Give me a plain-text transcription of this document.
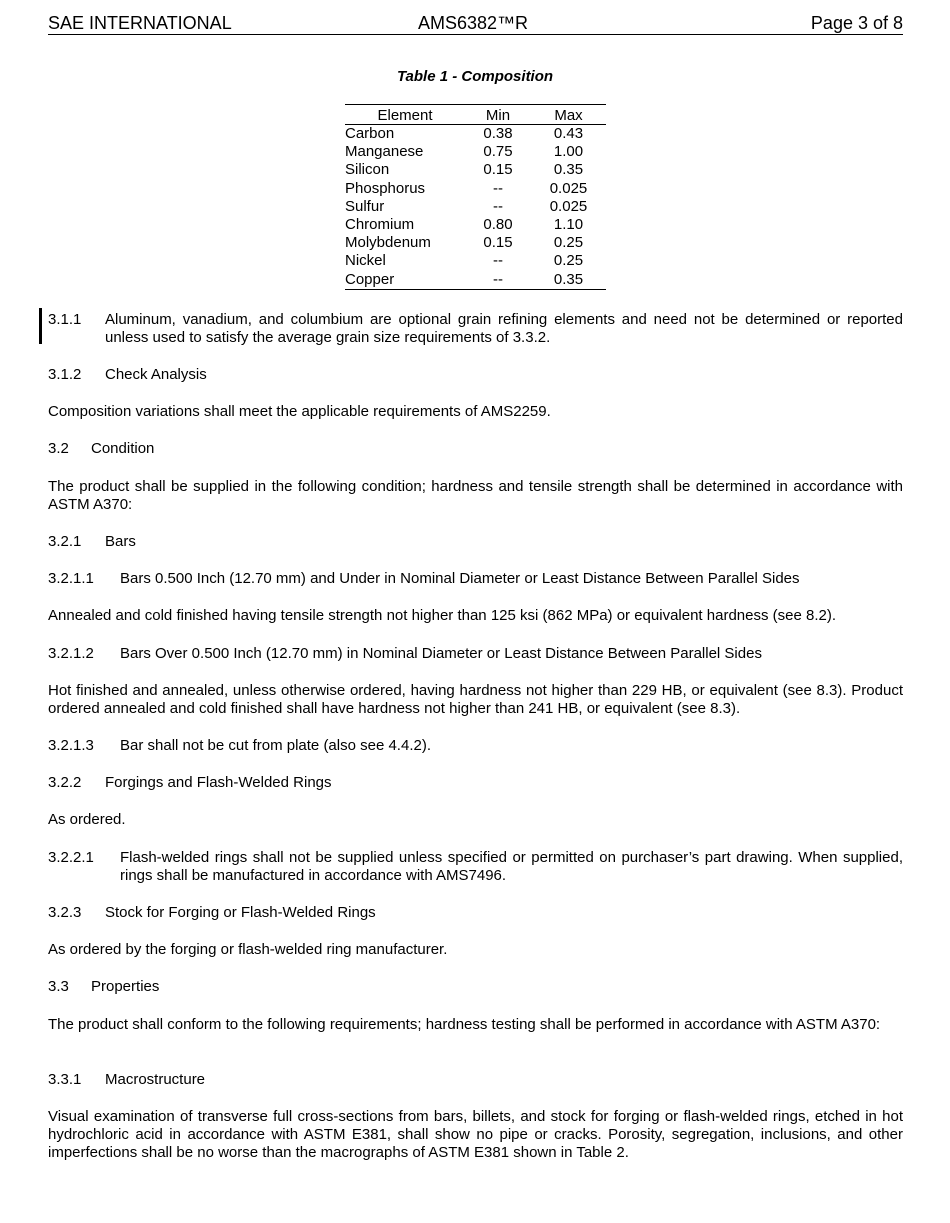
SAE INTERNATIONAL	AMS6382™R	Page 3 of 8
Table 1 - Composition
Element	Min	Max
Carbon	0.38	0.43
Manganese	0.75	1.00
Silicon	0.15	0.35
Phosphorus	--	0.025
Sulfur	--	0.025
Chromium	0.80	1.10
Molybdenum	0.15	0.25
Nickel	--	0.25
Copper	--	0.35
3.1.1 Aluminum, vanadium, and columbium are optional grain refining elements and need not be determined or reported unless used to satisfy the average grain size requirements of 3.3.2.
3.1.2 Check Analysis

Composition variations shall meet the applicable requirements of AMS2259.

3.2 Condition

The product shall be supplied in the following condition; hardness and tensile strength shall be determined in accordance with ASTM A370:

3.2.1 Bars
3.2.1.1 Bars 0.500 Inch (12.70 mm) and Under in Nominal Diameter or Least Distance Between Parallel Sides

Annealed and cold finished having tensile strength not higher than 125 ksi (862 MPa) or equivalent hardness (see 8.2).

3.2.1.2 Bars Over 0.500 Inch (12.70 mm) in Nominal Diameter or Least Distance Between Parallel Sides

Hot finished and annealed, unless otherwise ordered, having hardness not higher than 229 HB, or equivalent (see 8.3). Product ordered annealed and cold finished shall have hardness not higher than 241 HB, or equivalent (see 8.3).

3.2.1.3 Bar shall not be cut from plate (also see 4.4.2).
3.2.2 Forgings and Flash-Welded Rings

As ordered.

3.2.2.1 Flash-welded rings shall not be supplied unless specified or permitted on purchaser’s part drawing. When supplied, rings shall be manufactured in accordance with AMS7496.
3.2.3 Stock for Forging or Flash-Welded Rings

As ordered by the forging or flash-welded ring manufacturer.

3.3 Properties

The product shall conform to the following requirements; hardness testing shall be performed in accordance with ASTM A370:

3.3.1 Macrostructure

Visual examination of transverse full cross-sections from bars, billets, and stock for forging or flash-welded rings, etched in hot hydrochloric acid in accordance with ASTM E381, shall show no pipe or cracks. Porosity, segregation, inclusions, and other imperfections shall be no worse than the macrographs of ASTM E381 shown in Table 2.
